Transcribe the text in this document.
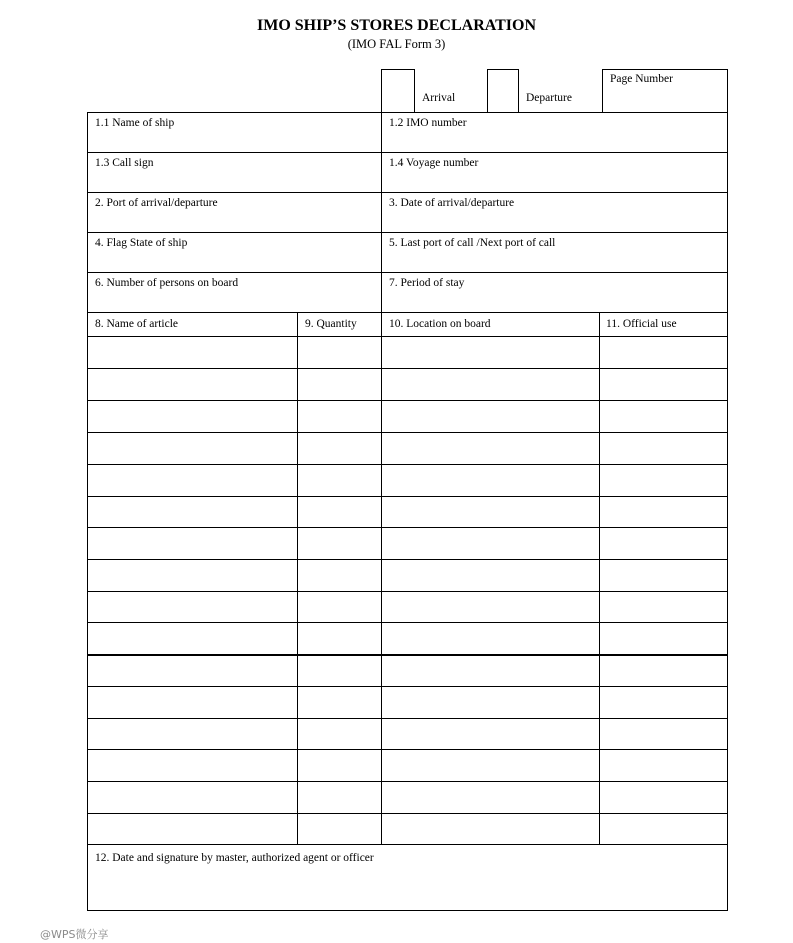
IMO SHIP’S STORES DECLARATION
(IMO FAL Form 3)
Arrival	Departure
Page Number
1.1 Name of ship	1.2 IMO number
1.3 Call sign	1.4 Voyage number
2. Port of arrival/departure	3. Date of arrival/departure
4. Flag State of ship	5. Last port of call /Next port of call
6. Number of persons on board	7. Period of stay
8. Name of article	9. Quantity	10. Location on board	11. Official use
12. Date and signature by master, authorized agent or officer
@WPS微分享
